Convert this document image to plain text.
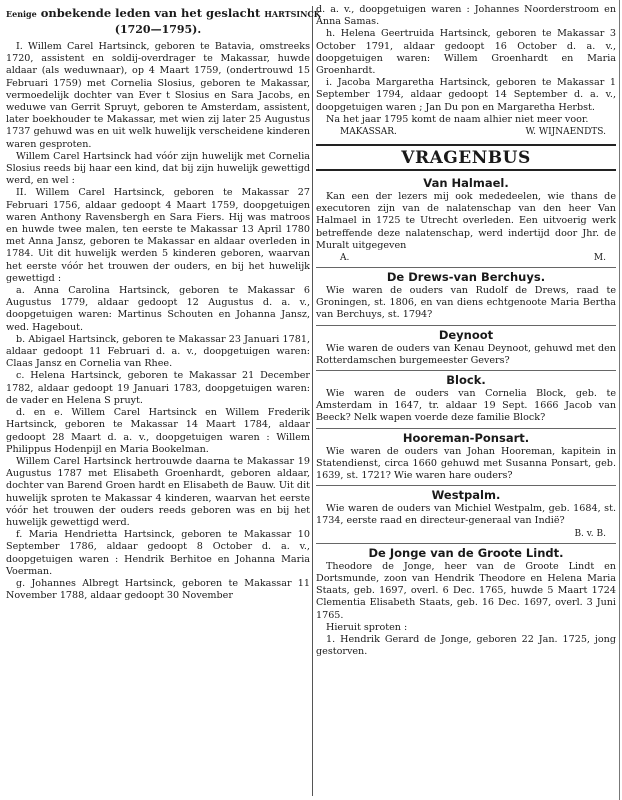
Eenige onbekende leden van het geslacht HARTSINCK
(1720—1795).

I. Willem Carel Hartsinck, geboren te Batavia, omstreeks 1720, assistent en soldij-overdrager te Makassar, huwde aldaar (als weduwnaar), op 4 Maart 1759, (ondertrouwd 15 Februari 1759) met Cornelia Slosius, geboren te Makassar, vermoedelijk dochter van Ever t Slosius en Sara Jacobs, en weduwe van Gerrit Spruyt, geboren te Amsterdam, assistent, later boekhouder te Makassar, met wien zij later 25 Augustus 1737 gehuwd was en uit welk huwelijk verscheidene kinderen waren gesproten.

Willem Carel Hartsinck had vóór zijn huwelijk met Cornelia Slosius reeds bij haar een kind, dat bij zijn huwelijk gewettigd werd, en wel :

II. Willem Carel Hartsinck, geboren te Makassar 27 Februari 1756, aldaar gedoopt 4 Maart 1759, doopgetuigen waren Anthony Ravensbergh en Sara Fiers. Hij was matroos en huwde twee malen, ten eerste te Makassar 13 April 1780 met Anna Jansz, geboren te Makassar en aldaar overleden in 1784. Uit dit huwelijk werden 5 kinderen geboren, waarvan het eerste vóór het trouwen der ouders, en bij het huwelijk gewettigd :

a. Anna Carolina Hartsinck, geboren te Makassar 6 Augustus 1779, aldaar gedoopt 12 Augustus d. a. v., doopgetuigen waren: Martinus Schouten en Johanna Jansz, wed. Hagebout.

b. Abigael Hartsinck, geboren te Makassar 23 Januari 1781, aldaar gedoopt 11 Februari d. a. v., doopgetuigen waren: Claas Jansz en Cornelia van Rhee.

c. Helena Hartsinck, geboren te Makassar 21 December 1782, aldaar gedoopt 19 Januari 1783, doopgetuigen waren: de vader en Helena S pruyt.

d. en e. Willem Carel Hartsinck en Willem Frederik Hartsinck, geboren te Makassar 14 Maart 1784, aldaar gedoopt 28 Maart d. a. v., doopgetuigen waren : Willem Philippus Hodenpijl en Maria Bookelman.

Willem Carel Hartsinck hertrouwde daarna te Makassar 19 Augustus 1787 met Elisabeth Groenhardt, geboren aldaar, dochter van Barend Groen hardt en Elisabeth de Bauw. Uit dit huwelijk sproten te Makassar 4 kinderen, waarvan het eerste vóór het trouwen der ouders reeds geboren was en bij het huwelijk gewettigd werd.

f. Maria Hendrietta Hartsinck, geboren te Makassar 10 September 1786, aldaar gedoopt 8 October d. a. v., doopgetuigen waren : Hendrik Berhitoe en Johanna Maria Voerman.

g. Johannes Albregt Hartsinck, geboren te Makassar 11 November 1788, aldaar gedoopt 30 November

d. a. v., doopgetuigen waren : Johannes Noorderstroom en Anna Samas.

h. Helena Geertruida Hartsinck, geboren te Makassar 3 October 1791, aldaar gedoopt 16 October d. a. v., doopgetuigen waren: Willem Groenhardt en Maria Groenhardt.

i. Jacoba Margaretha Hartsinck, geboren te Makassar 1 September 1794, aldaar gedoopt 14 September d. a. v., doopgetuigen waren ; Jan Du pon en Margaretha Herbst.

Na het jaar 1795 komt de naam alhier niet meer voor.

MAKASSAR.	W. WIJNAENDTS.
VRAGENBUS
Van Halmael.

Kan een der lezers mij ook mededeelen, wie thans de executoren zijn van de nalatenschap van den heer Van Halmael in 1725 te Utrecht overleden. Een uitvoerig werk betreffende deze nalatenschap, werd indertijd door Jhr. de Muralt uitgegeven

A.	M.
De Drews-van Berchuys.

Wie waren de ouders van Rudolf de Drews, raad te Groningen, st. 1806, en van diens echtgenoote Maria Bertha van Berchuys, st. 1794?

Deynoot

Wie waren de ouders van Kenau Deynoot, gehuwd met den Rotterdamschen burgemeester Gevers?

Block.

Wie waren de ouders van Cornelia Block, geb. te Amsterdam in 1647, tr. aldaar 19 Sept. 1666 Jacob van Beeck? Nelk wapen voerde deze familie Block?

Hooreman-Ponsart.

Wie waren de ouders van Johan Hooreman, kapitein in Statendienst, circa 1660 gehuwd met Susanna Ponsart, geb. 1639, st. 1721? Wie waren hare ouders?

Westpalm.

Wie waren de ouders van Michiel Westpalm, geb. 1684, st. 1734, eerste raad en directeur-generaal van Indië?

B. v. B.
De Jonge van de Groote Lindt.

Theodore de Jonge, heer van de Groote Lindt en Dortsmunde, zoon van Hendrik Theodore en Helena Maria Staats, geb. 1697, overl. 6 Dec. 1765, huwde 5 Maart 1724 Clementia Elisabeth Staats, geb. 16 Dec. 1697, overl. 3 Juni 1765.

Hieruit sproten :

1. Hendrik Gerard de Jonge, geboren 22 Jan. 1725, jong gestorven.
